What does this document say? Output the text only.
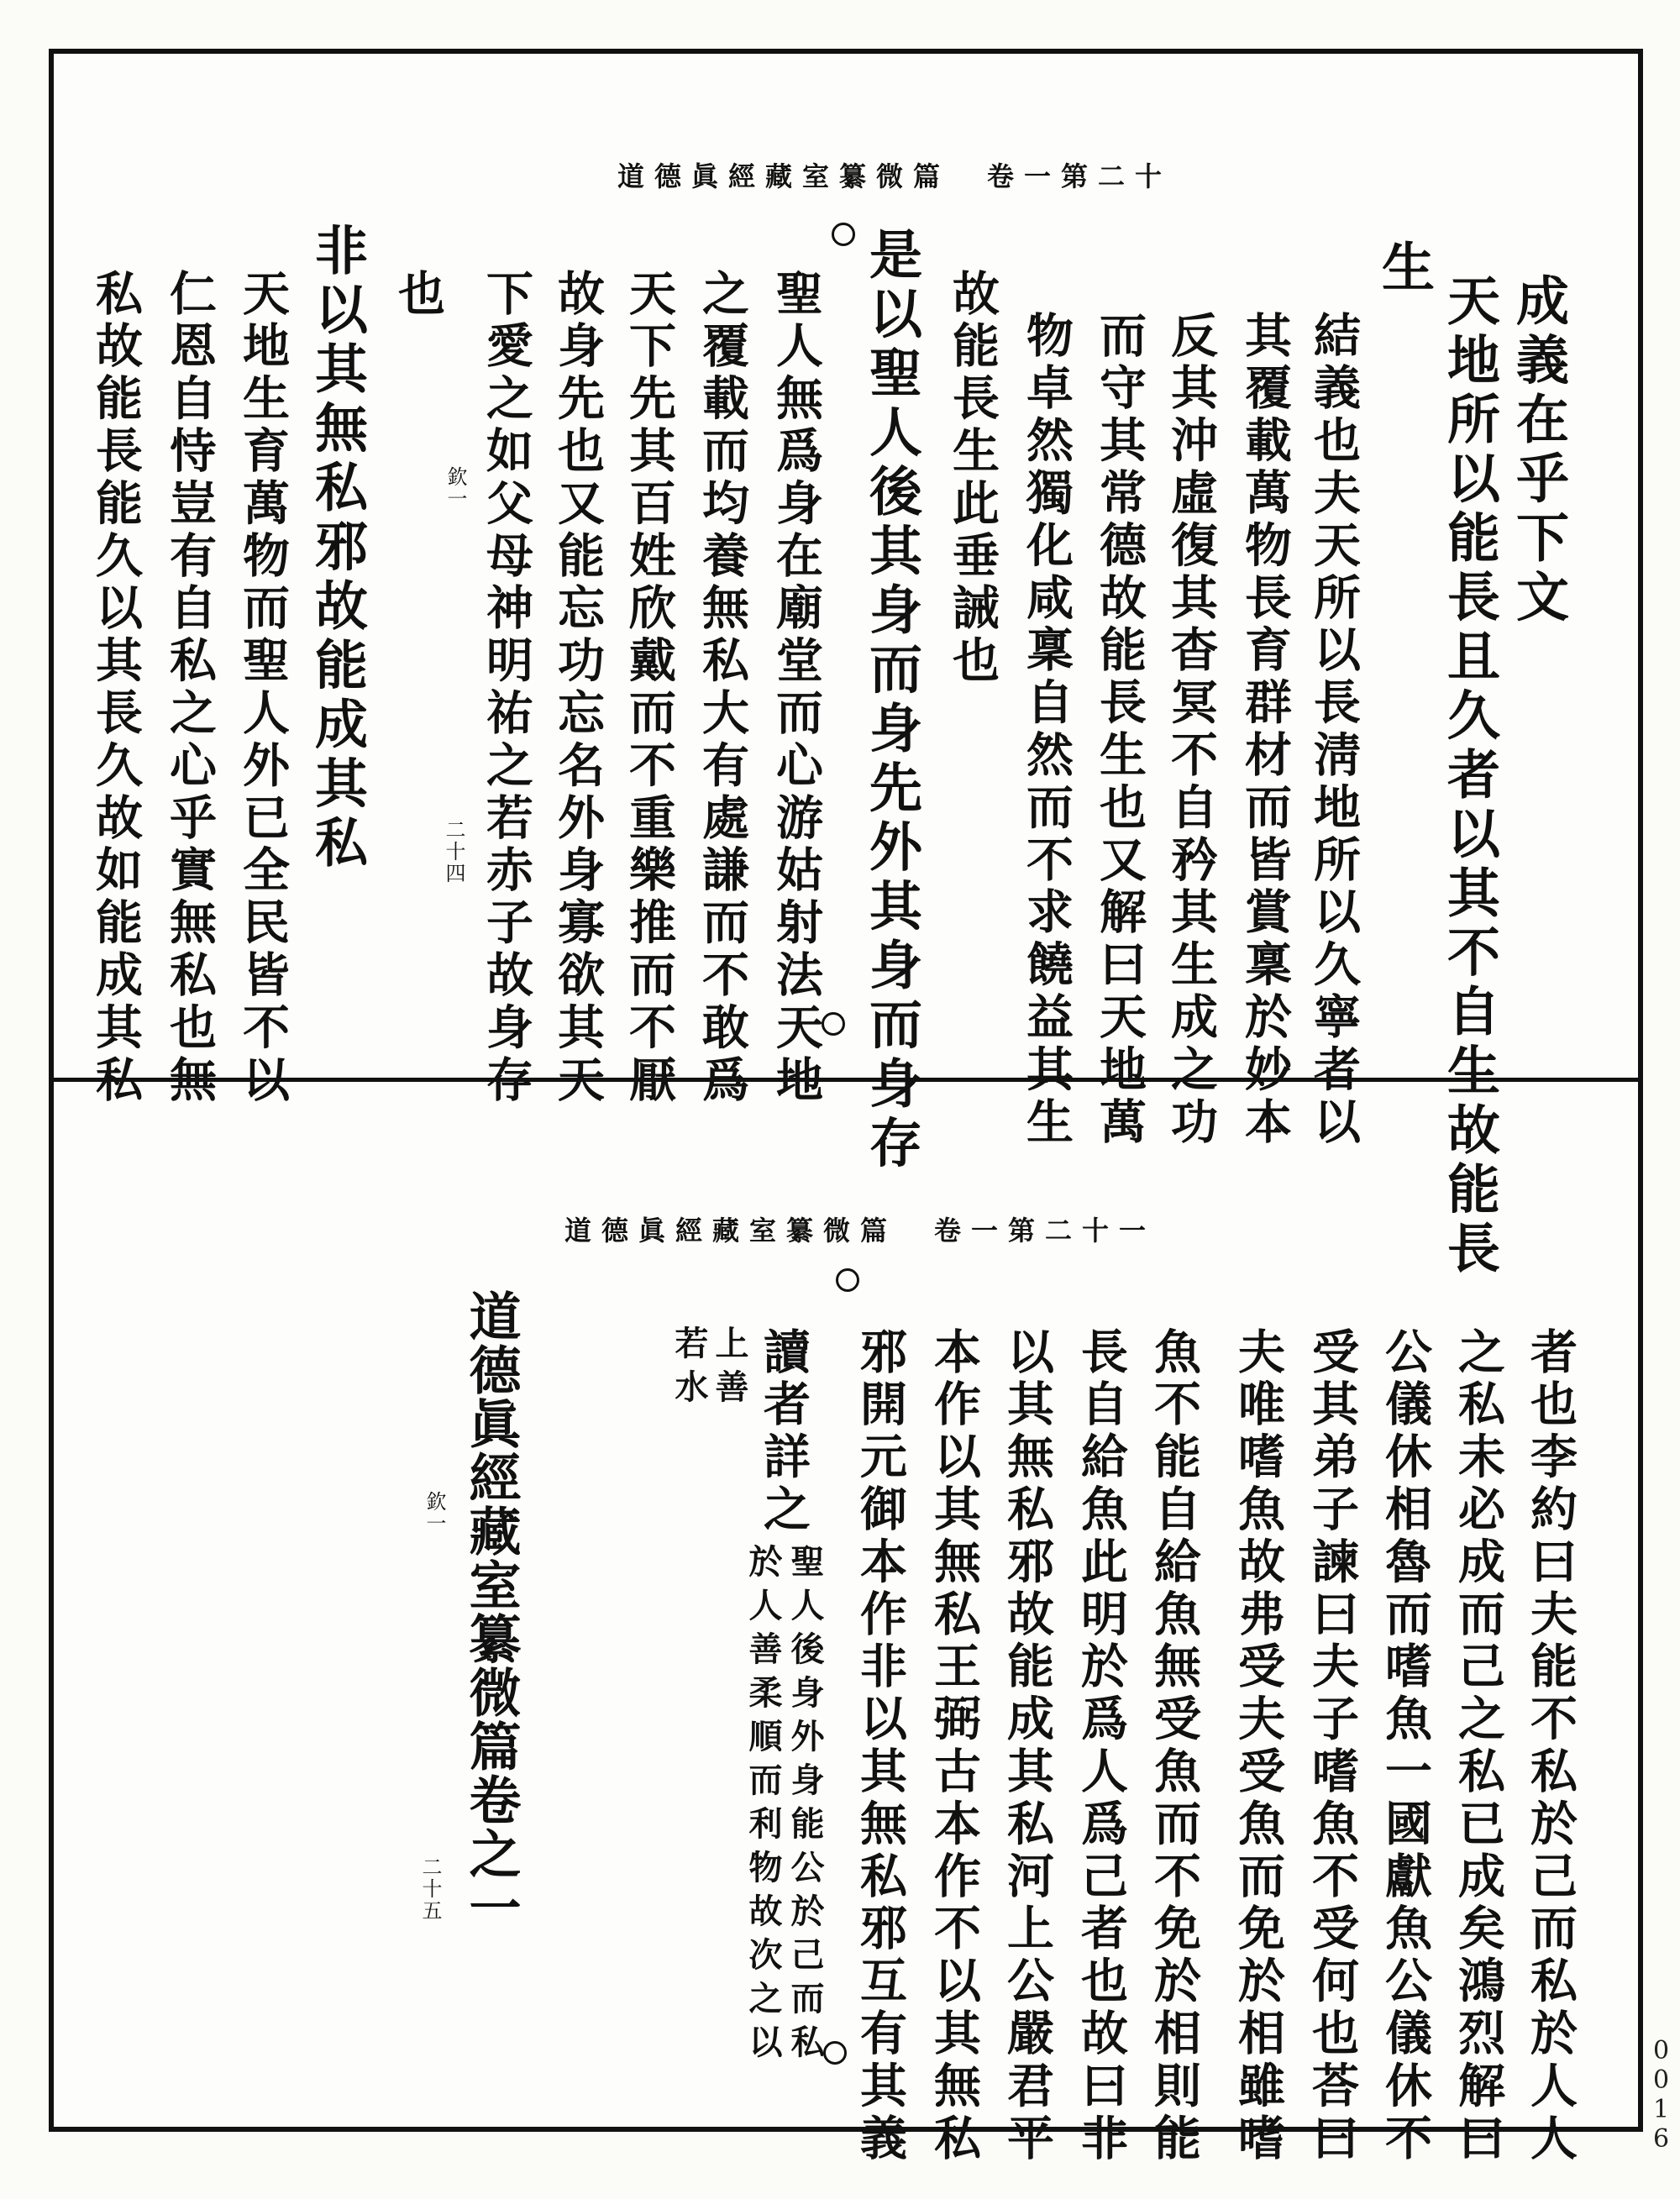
道德眞經藏室纂微篇　卷一第二十
成義在乎下文
天地所以能長且久者以其不自生故能長
生
結義也夫天所以長淸地所以久寧者以
其覆載萬物長育群材而皆賞稟於妙本
反其沖虛復其杳冥不自矜其生成之功
而守其常德故能長生也又解曰天地萬
物卓然獨化咸稟自然而不求饒益其生
故能長生此垂誡也
是以聖人後其身而身先外其身而身存
聖人無爲身在廟堂而心游姑射法天地
之覆載而均養無私大有處謙而不敢爲
天下先其百姓欣戴而不重樂推而不厭
故身先也又能忘功忘名外身寡欲其天
下愛之如父母神明祐之若赤子故身存
也
欽一
二十四
非以其無私邪故能成其私
天地生育萬物而聖人外已全民皆不以
仁恩自恃豈有自私之心乎實無私也無
私故能長能久以其長久故如能成其私
道德眞經藏室纂微篇　卷一第二十一
者也李約曰夫能不私於己而私於人人
之私未必成而己之私已成矣鴻烈解曰
公儀休相魯而嗜魚一國獻魚公儀休不
受其弟子諫曰夫子嗜魚不受何也荅曰
夫唯嗜魚故弗受夫受魚而免於相雖嗜
魚不能自給魚無受魚而不免於相則能
長自給魚此明於爲人爲己者也故曰非
以其無私邪故能成其私河上公嚴君平
本作以其無私王弼古本作不以其無私
邪開元御本作非以其無私邪互有其義
讀者詳之
聖人後身外身能公於己而私
於人善柔順而利物故次之以
上善
若水
道德眞經藏室纂微篇卷之一
欽一
二十五
0016
